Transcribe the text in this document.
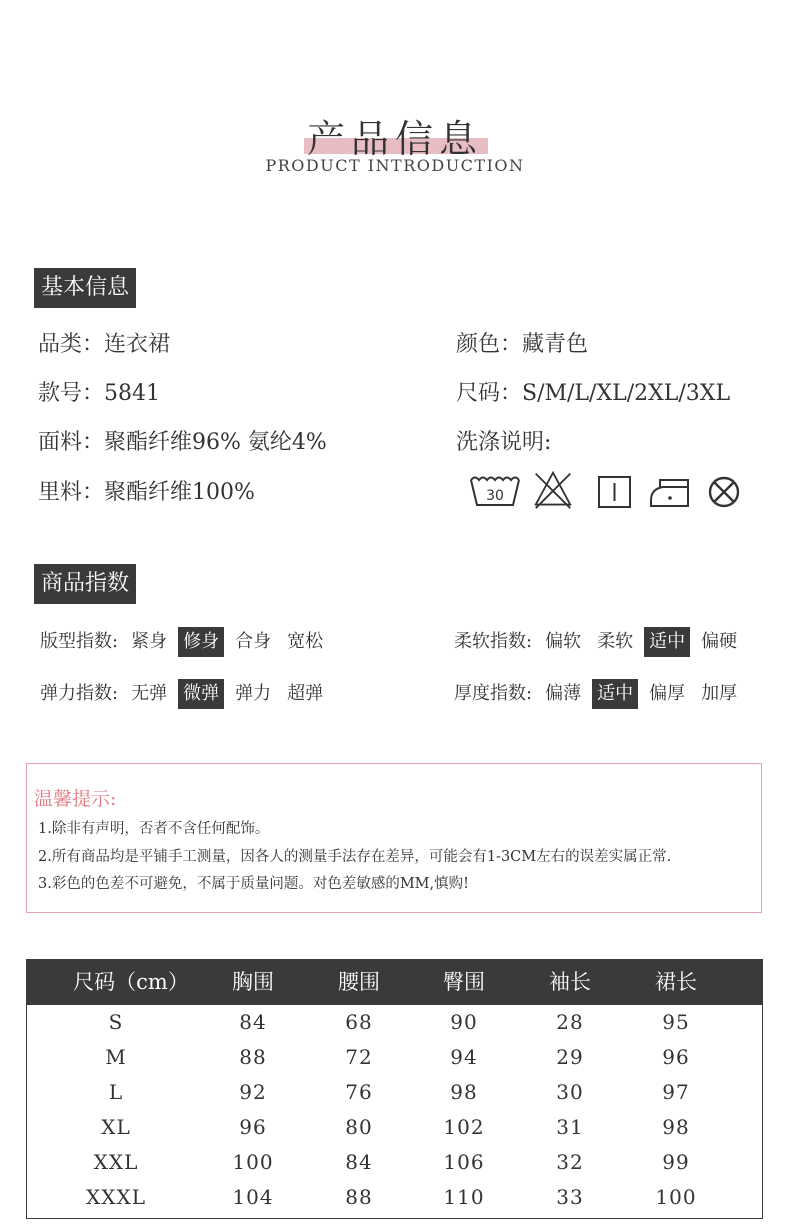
产品信息
PRODUCT INTRODUCTION
基本信息
品类：连衣裙	颜色：藏青色
款号：5841	尺码：S/M/L/XL/2XL/3XL
面料：聚酯纤维96% 氨纶4%	洗涤说明:
里料：聚酯纤维100%	30
商品指数
版型指数: 紧身 修身 合身 宽松	柔软指数: 偏软 柔软 适中 偏硬
弹力指数: 无弹 微弹 弹力 超弹	厚度指数: 偏薄 适中 偏厚 加厚
温馨提示:
1.除非有声明，否者不含任何配饰。
2.所有商品均是平铺手工测量，因各人的测量手法存在差异，可能会有1-3CM左右的误差实属正常.
3.彩色的色差不可避免，不属于质量问题。对色差敏感的MM,慎购!
尺码（cm）	胸围	腰围	臀围	袖长	裙长
S	84	68	90	28	95
M	88	72	94	29	96
L	92	76	98	30	97
XL	96	80	102	31	98
XXL	100	84	106	32	99
XXXL	104	88	110	33	100
